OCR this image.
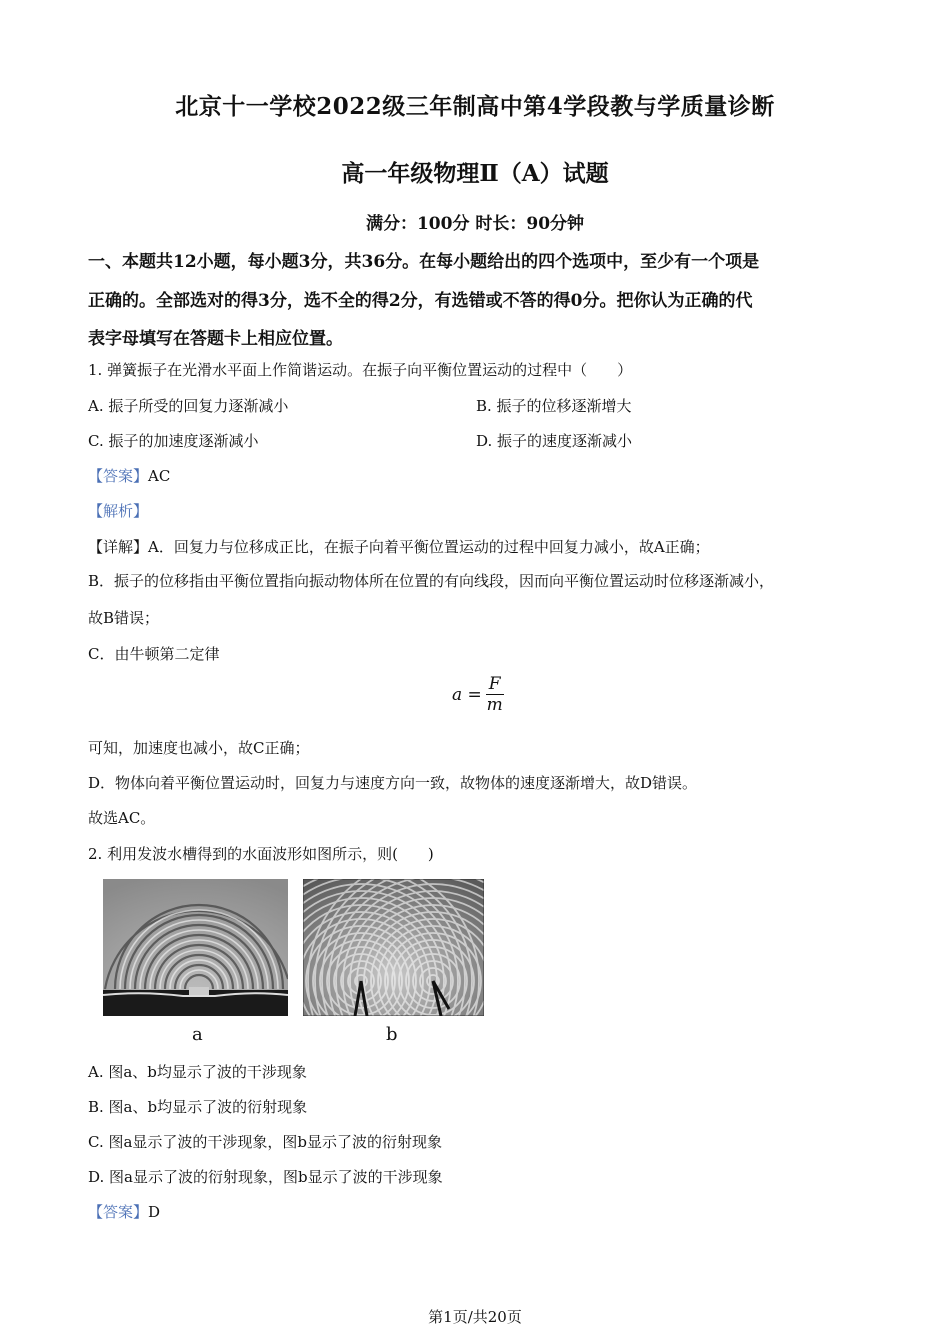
北京十一学校2022级三年制高中第4学段教与学质量诊断
高一年级物理Ⅱ（A）试题
满分：100分 时长：90分钟
一、本题共12小题，每小题3分，共36分。在每小题给出的四个选项中，至少有一个项是
正确的。全部选对的得3分，选不全的得2分，有选错或不答的得0分。把你认为正确的代
表字母填写在答题卡上相应位置。
1. 弹簧振子在光滑水平面上作简谐运动。在振子向平衡位置运动的过程中（　　）
A. 振子所受的回复力逐渐减小	B. 振子的位移逐渐增大
C. 振子的加速度逐渐减小	D. 振子的速度逐渐减小
【答案】AC
【解析】
【详解】A．回复力与位移成正比，在振子向着平衡位置运动的过程中回复力减小，故A正确；
B．振子的位移指由平衡位置指向振动物体所在位置的有向线段，因而向平衡位置运动时位移逐渐减小，
故B错误；
C．由牛顿第二定律
$a = \frac{F}{m}$
可知，加速度也减小，故C正确；
D．物体向着平衡位置运动时，回复力与速度方向一致，故物体的速度逐渐增大，故D错误。
故选AC。
2. 利用发波水槽得到的水面波形如图所示，则(　　)
a	b
A. 图a、b均显示了波的干涉现象
B. 图a、b均显示了波的衍射现象
C. 图a显示了波的干涉现象，图b显示了波的衍射现象
D. 图a显示了波的衍射现象，图b显示了波的干涉现象
【答案】D
第1页/共20页
